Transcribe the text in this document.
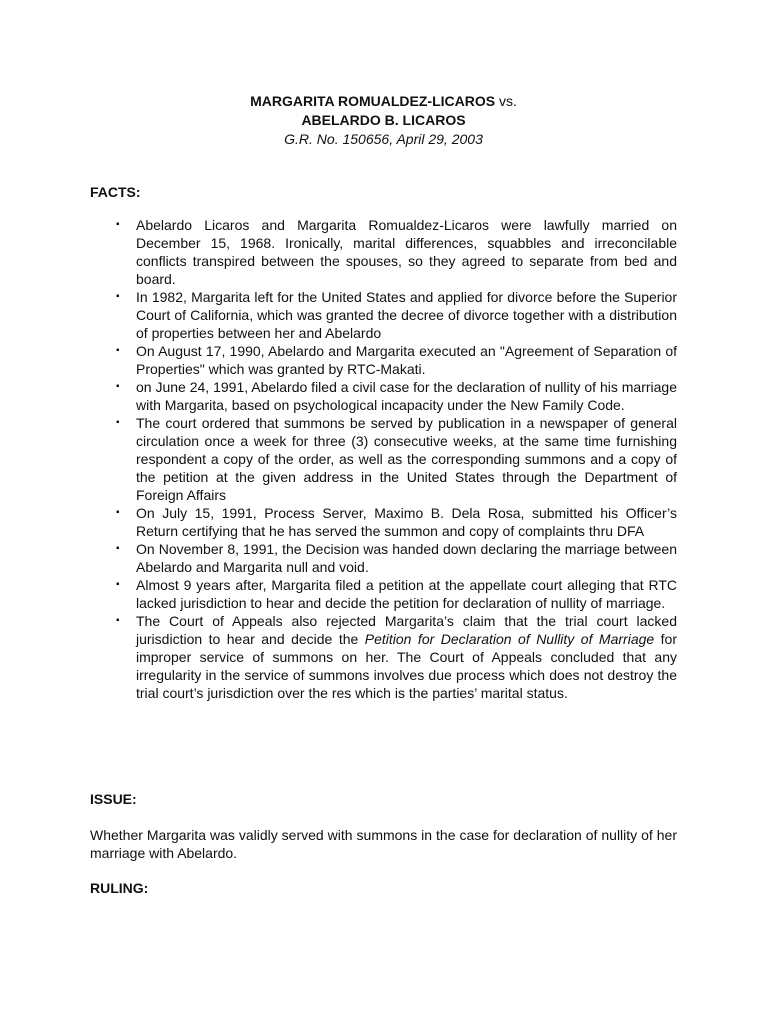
MARGARITA ROMUALDEZ-LICAROS vs.
ABELARDO B. LICAROS
G.R. No. 150656, April 29, 2003
FACTS:
▪ Abelardo Licaros and Margarita Romualdez-Licaros were lawfully married on December 15, 1968. Ironically, marital differences, squabbles and irreconcilable conflicts transpired between the spouses, so they agreed to separate from bed and board.
▪ In 1982, Margarita left for the United States and applied for divorce before the Superior Court of California, which was granted the decree of divorce together with a distribution of properties between her and Abelardo
▪ On August 17, 1990, Abelardo and Margarita executed an "Agreement of Separation of Properties" which was granted by RTC-Makati.
▪ on June 24, 1991, Abelardo filed a civil case for the declaration of nullity of his marriage with Margarita, based on psychological incapacity under the New Family Code.
▪ The court ordered that summons be served by publication in a newspaper of general circulation once a week for three (3) consecutive weeks, at the same time furnishing respondent a copy of the order, as well as the corresponding summons and a copy of the petition at the given address in the United States through the Department of Foreign Affairs
▪ On July 15, 1991, Process Server, Maximo B. Dela Rosa, submitted his Officer’s Return certifying that he has served the summon and copy of complaints thru DFA
▪ On November 8, 1991, the Decision was handed down declaring the marriage between Abelardo and Margarita null and void.
▪ Almost 9 years after, Margarita filed a petition at the appellate court alleging that RTC lacked jurisdiction to hear and decide the petition for declaration of nullity of marriage.
▪ The Court of Appeals also rejected Margarita’s claim that the trial court lacked jurisdiction to hear and decide the Petition for Declaration of Nullity of Marriage for improper service of summons on her. The Court of Appeals concluded that any irregularity in the service of summons involves due process which does not destroy the trial court’s jurisdiction over the res which is the parties’ marital status.
ISSUE:
Whether Margarita was validly served with summons in the case for declaration of nullity of her marriage with Abelardo.
RULING:
